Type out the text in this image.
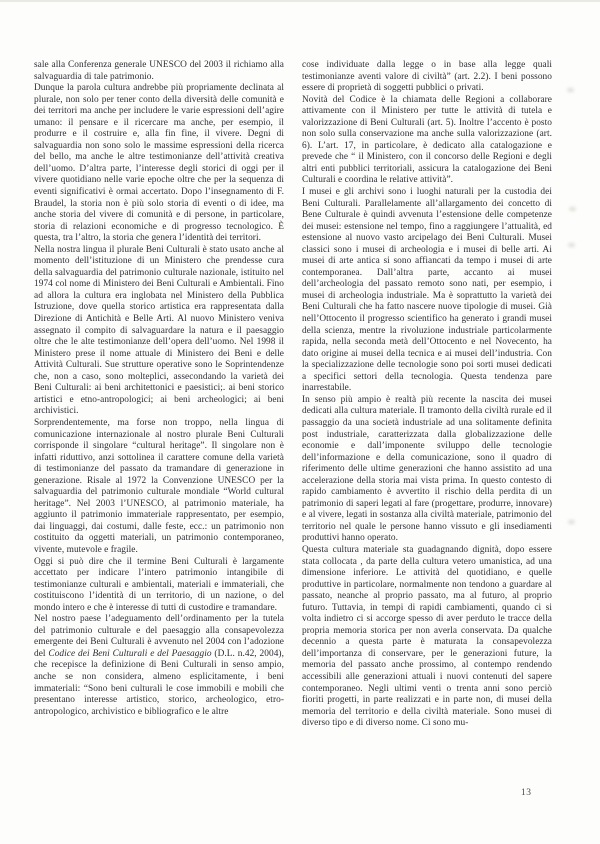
sale alla Conferenza generale UNESCO del 2003 il richiamo alla salvaguardia di tale patrimonio.

Dunque la parola cultura andrebbe più propriamente declinata al plurale, non solo per tener conto della diversità delle comunità e dei territori ma anche per includere le varie espressioni dell’agire umano: il pensare e il ricercare ma anche, per esempio, il produrre e il costruire e, alla fin fine, il vivere. Degni di salvaguardia non sono solo le massime espressioni della ricerca del bello, ma anche le altre testimonianze dell’attività creativa dell’uomo. D’altra parte, l’interesse degli storici di oggi per il vivere quotidiano nelle varie epoche oltre che per la sequenza di eventi significativi è ormai accertato. Dopo l’insegnamento di F. Braudel, la storia non è più solo storia di eventi o di idee, ma anche storia del vivere di comunità e di persone, in particolare, storia di relazioni economiche e di progresso tecnologico. È questa, tra l’altro, la storia che genera l’identità dei territori.

Nella nostra lingua il plurale Beni Culturali è stato usato anche al momento dell’istituzione di un Ministero che prendesse cura della salvaguardia del patrimonio culturale nazionale, istituito nel 1974 col nome di Ministero dei Beni Culturali e Ambientali. Fino ad allora la cultura era inglobata nel Ministero della Pubblica Istruzione, dove quella storico artistica era rappresentata dalla Direzione di Antichità e Belle Arti. Al nuovo Ministero veniva assegnato il compito di salvaguardare la natura e il paesaggio oltre che le alte testimonianze dell’opera dell’uomo. Nel 1998 il Ministero prese il nome attuale di Ministero dei Beni e delle Attività Culturali. Sue strutture operative sono le Soprintendenze che, non a caso, sono molteplici, assecondando la varietà dei Beni Culturali: ai beni architettonici e paesistici;. ai beni storico artistici e etno-antropologici; ai beni archeologici; ai beni archivistici.

Sorprendentemente, ma forse non troppo, nella lingua di comunicazione internazionale al nostro plurale Beni Culturali corrisponde il singolare “cultural heritage”. Il singolare non è infatti riduttivo, anzi sottolinea il carattere comune della varietà di testimonianze del passato da tramandare di generazione in generazione. Risale al 1972 la Convenzione UNESCO per la salvaguardia del patrimonio culturale mondiale “World cultural heritage”. Nel 2003 l’UNESCO, al patrimonio materiale, ha aggiunto il patrimonio immateriale rappresentato, per esempio, dai linguaggi, dai costumi, dalle feste, ecc.: un patrimonio non costituito da oggetti materiali, un patrimonio contemporaneo, vivente, mutevole e fragile.

Oggi si può dire che il termine Beni Culturali è largamente accettato per indicare l’intero patrimonio intangibile di testimonianze culturali e ambientali, materiali e immateriali, che costituiscono l’identità di un territorio, di un nazione, o del mondo intero e che è interesse di tutti di custodire e tramandare.

Nel nostro paese l’adeguamento dell’ordinamento per la tutela del patrimonio culturale e del paesaggio alla consapevolezza emergente dei Beni Culturali è avvenuto nel 2004 con l’adozione del Codice dei Beni Culturali e del Paesaggio (D.L. n.42, 2004), che recepisce la definizione di Beni Culturali in senso ampio, anche se non considera, almeno esplicitamente, i beni immateriali: “Sono beni culturali le cose immobili e mobili che presentano interesse artistico, storico, archeologico, etro-antropologico, archivistico e bibliografico e le altre

cose individuate dalla legge o in base alla legge quali testimonianze aventi valore di civiltà” (art. 2.2). I beni possono essere di proprietà di soggetti pubblici o privati.

Novità del Codice è la chiamata delle Regioni a collaborare attivamente con il Ministero per tutte le attività di tutela e valorizzazione di Beni Culturali (art. 5). Inoltre l’accento è posto non solo sulla conservazione ma anche sulla valorizzazione (art. 6). L’art. 17, in particolare, è dedicato alla catalogazione e prevede che “ il Ministero, con il concorso delle Regioni e degli altri enti pubblici territoriali, assicura la catalogazione dei Beni Culturali e coordina le relative attività”.

I musei e gli archivi sono i luoghi naturali per la custodia dei Beni Culturali. Parallelamente all’allargamento dei concetto di Bene Culturale è quindi avvenuta l’estensione delle competenze dei musei: estensione nel tempo, fino a raggiungere l’attualità, ed estensione al nuovo vasto arcipelago dei Beni Culturali. Musei classici sono i musei di archeologia e i musei di belle arti. Ai musei di arte antica si sono affiancati da tempo i musei di arte contemporanea. Dall’altra parte, accanto ai musei dell’archeologia del passato remoto sono nati, per esempio, i musei di archeologia industriale. Ma è soprattutto la varietà dei Beni Culturali che ha fatto nascere nuove tipologie di musei. Già nell’Ottocento il progresso scientifico ha generato i grandi musei della scienza, mentre la rivoluzione industriale particolarmente rapida, nella seconda metà dell’Ottocento e nel Novecento, ha dato origine ai musei della tecnica e ai musei dell’industria. Con la specializzazione delle tecnologie sono poi sorti musei dedicati a specifici settori della tecnologia. Questa tendenza pare inarrestabile.

In senso più ampio è realtà più recente la nascita dei musei dedicati alla cultura materiale. Il tramonto della civiltà rurale ed il passaggio da una società industriale ad una solitamente definita post industriale, caratterizzata dalla globalizzazione delle economie e dall’imponente sviluppo delle tecnologie dell’informazione e della comunicazione, sono il quadro di riferimento delle ultime generazioni che hanno assistito ad una accelerazione della storia mai vista prima. In questo contesto di rapido cambiamento è avvertito il rischio della perdita di un patrimonio di saperi legati al fare (progettare, produrre, innovare) e al vivere, legati in sostanza alla civiltà materiale, patrimonio del territorio nel quale le persone hanno vissuto e gli insediamenti produttivi hanno operato.

Questa cultura materiale sta guadagnando dignità, dopo essere stata collocata , da parte della cultura vetero umanistica, ad una dimensione inferiore. Le attività del quotidiano, e quelle produttive in particolare, normalmente non tendono a guardare al passato, neanche al proprio passato, ma al futuro, al proprio futuro. Tuttavia, in tempi di rapidi cambiamenti, quando ci si volta indietro ci si accorge spesso di aver perduto le tracce della propria memoria storica per non averla conservata. Da qualche decennio a questa parte è maturata la consapevolezza dell’importanza di conservare, per le generazioni future, la memoria del passato anche prossimo, al contempo rendendo accessibili alle generazioni attuali i nuovi contenuti del sapere contemporaneo. Negli ultimi venti o trenta anni sono perciò fioriti progetti, in parte realizzati e in parte non, di musei della memoria del territorio e della civiltà materiale. Sono musei di diverso tipo e di diverso nome. Ci sono mu-

13
